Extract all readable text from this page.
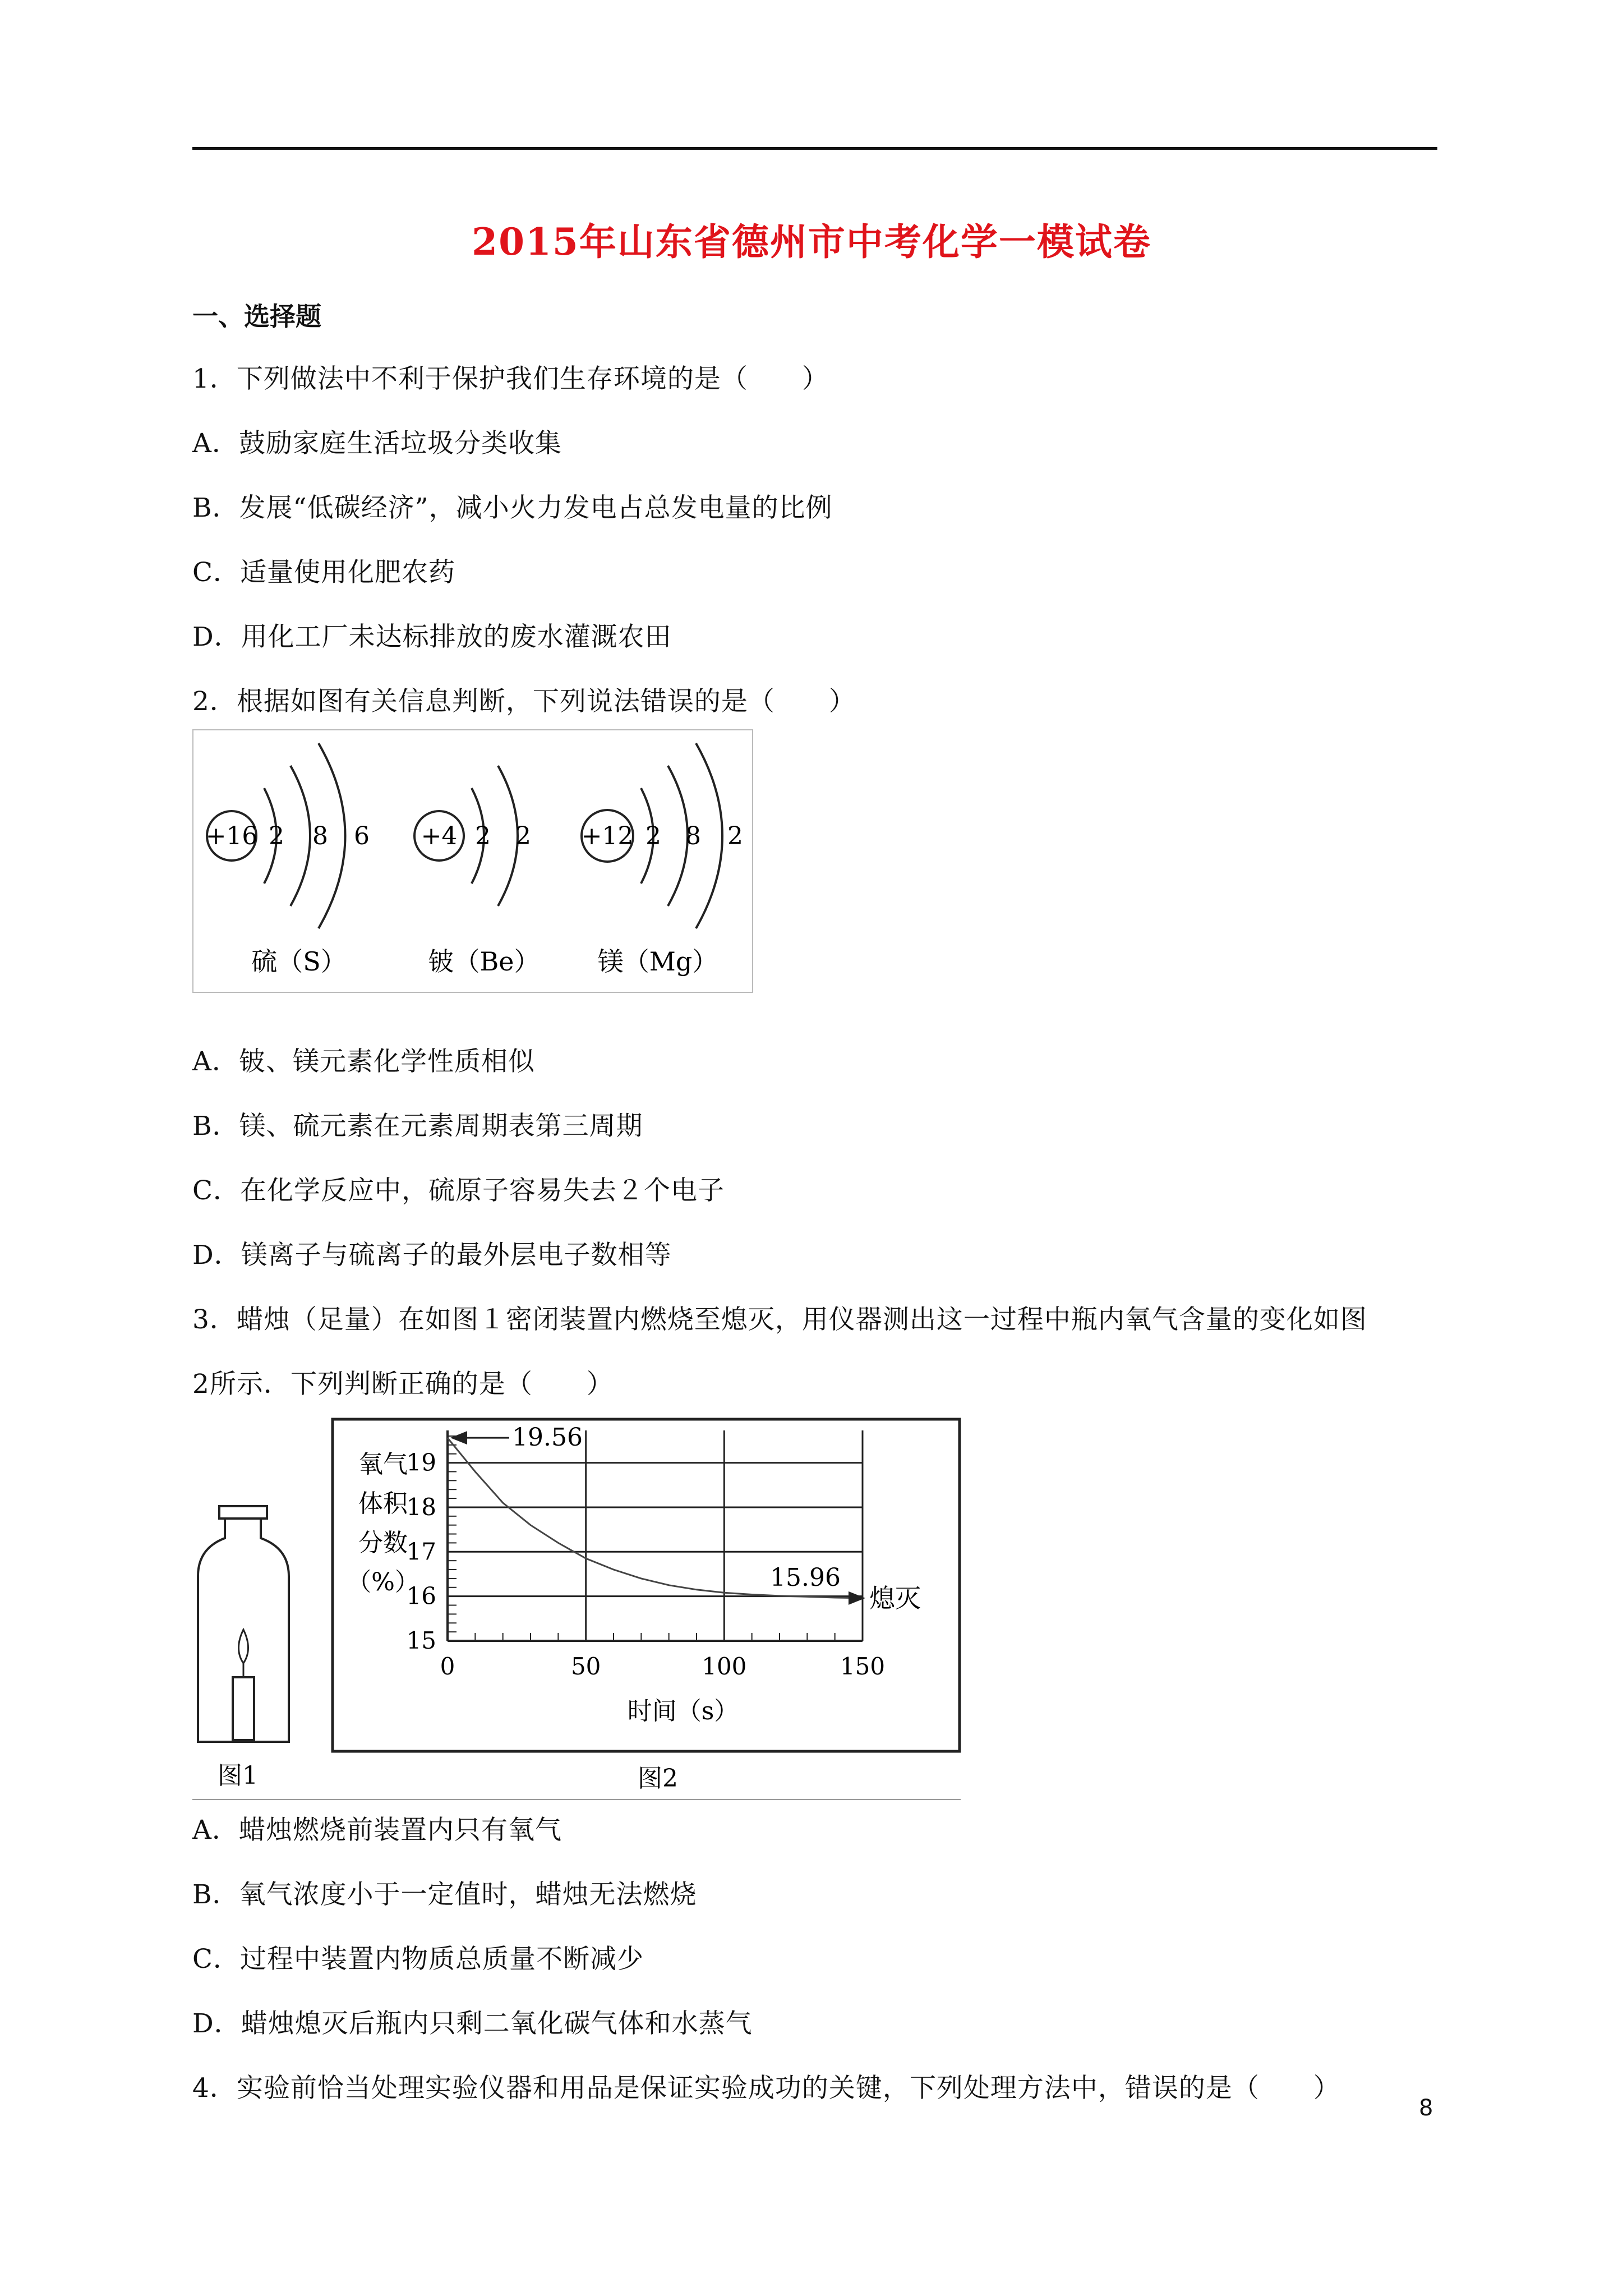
2015年山东省德州市中考化学一模试卷
一、选择题
1．下列做法中不利于保护我们生存环境的是（　　）
A．鼓励家庭生活垃圾分类收集
B．发展“低碳经济”，减小火力发电占总发电量的比例
C．适量使用化肥农药
D．用化工厂未达标排放的废水灌溉农田
2．根据如图有关信息判断，下列说法错误的是（　　）
+16 2 8 6
硫（S）
+4 2 2
铍（Be）
+12 2 8 2
镁（Mg）
A．铍、镁元素化学性质相似
B．镁、硫元素在元素周期表第三周期
C．在化学反应中，硫原子容易失去２个电子
D．镁离子与硫离子的最外层电子数相等
3．蜡烛（足量）在如图１密闭装置内燃烧至熄灭，用仪器测出这一过程中瓶内氧气含量的变化如图
2所示．下列判断正确的是（　　）
图1	图2
0	50	100	150
15
16
17
18
19
氧气
体积
分数
（%）
时间（s）
19.56
15.96
熄灭
A．蜡烛燃烧前装置内只有氧气
B．氧气浓度小于一定值时，蜡烛无法燃烧
C．过程中装置内物质总质量不断减少
D．蜡烛熄灭后瓶内只剩二氧化碳气体和水蒸气
4．实验前恰当处理实验仪器和用品是保证实验成功的关键，下列处理方法中，错误的是（　　）
8
